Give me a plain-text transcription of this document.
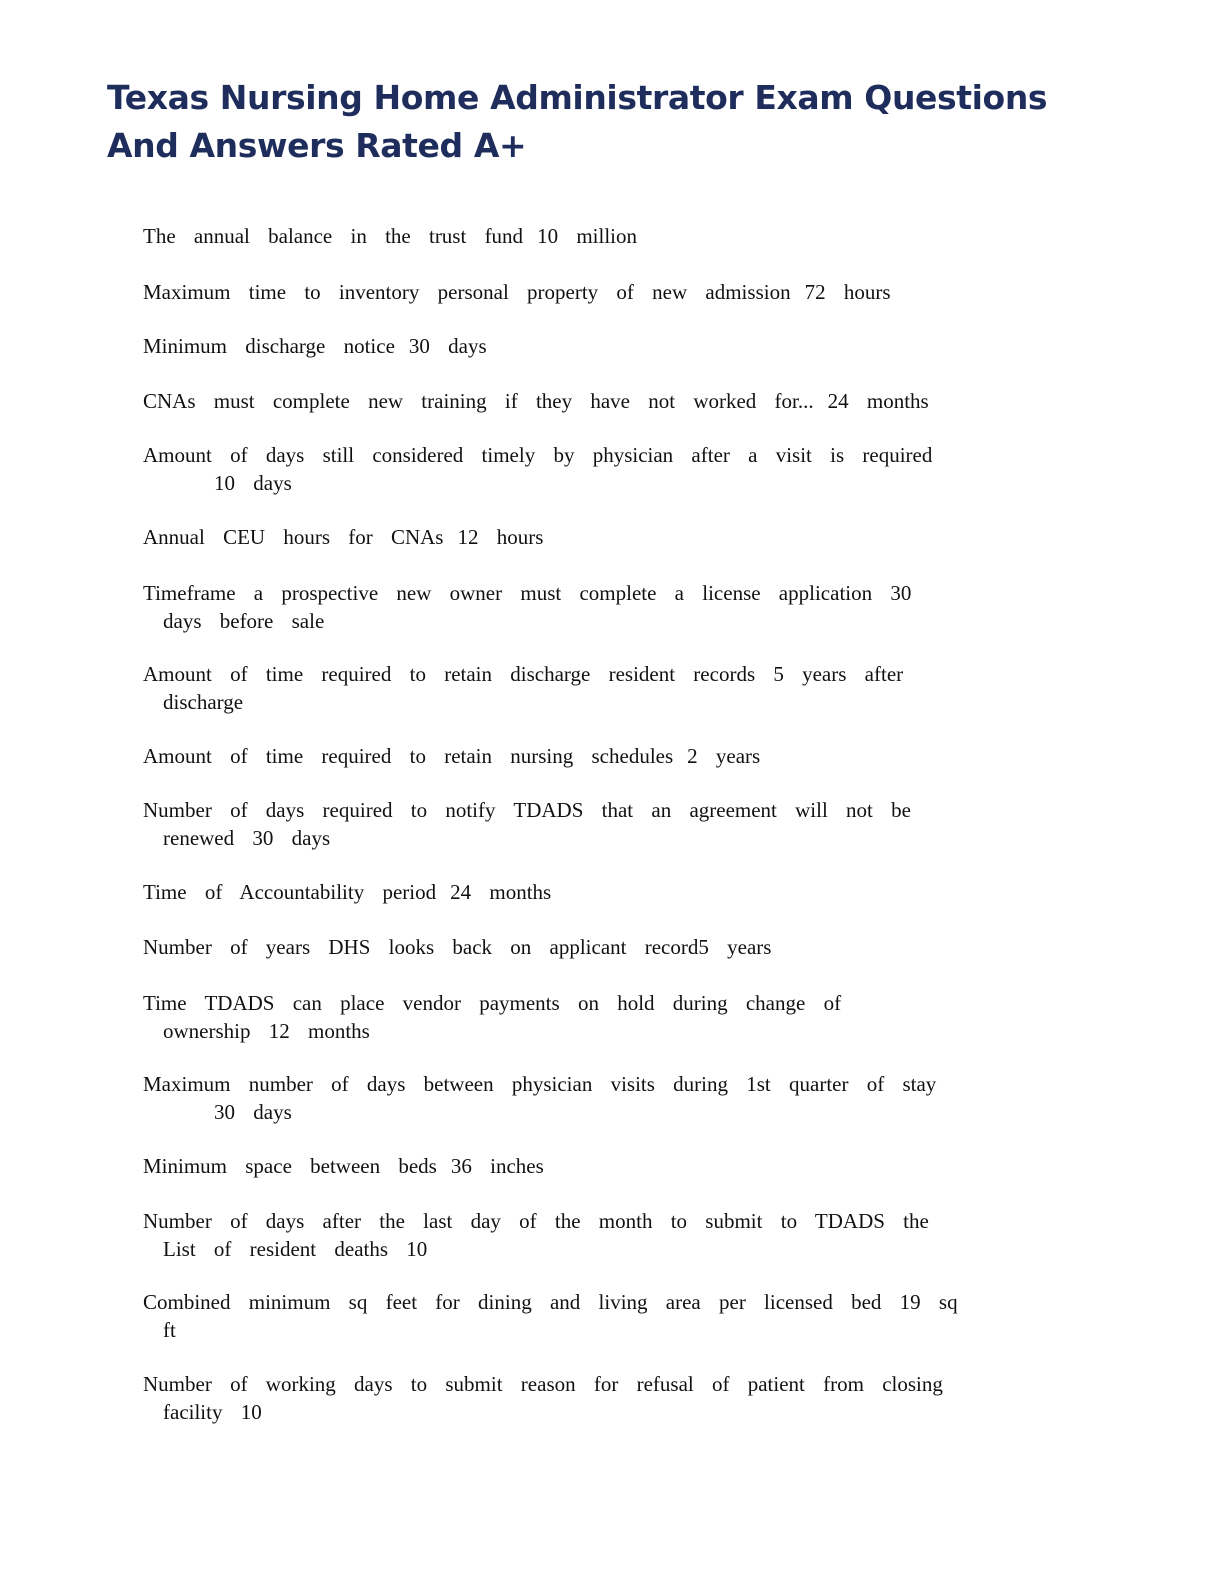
Texas Nursing Home Administrator Exam Questions And Answers Rated A+
The annual balance in the trust fund 10 million
Maximum time to inventory personal property of new admission 72 hours
Minimum discharge notice 30 days
CNAs must complete new training if they have not worked for... 24 months
Amount of days still considered timely by physician after a visit is required
10 days
Annual CEU hours for CNAs 12 hours
Timeframe a prospective new owner must complete a license application 30
days before sale
Amount of time required to retain discharge resident records 5 years after
discharge
Amount of time required to retain nursing schedules 2 years
Number of days required to notify TDADS that an agreement will not be
renewed 30 days
Time of Accountability period 24 months
Number of years DHS looks back on applicant record5 years
Time TDADS can place vendor payments on hold during change of
ownership 12 months
Maximum number of days between physician visits during 1st quarter of stay
30 days
Minimum space between beds 36 inches
Number of days after the last day of the month to submit to TDADS the
List of resident deaths 10
Combined minimum sq feet for dining and living area per licensed bed 19 sq
ft
Number of working days to submit reason for refusal of patient from closing
facility 10
